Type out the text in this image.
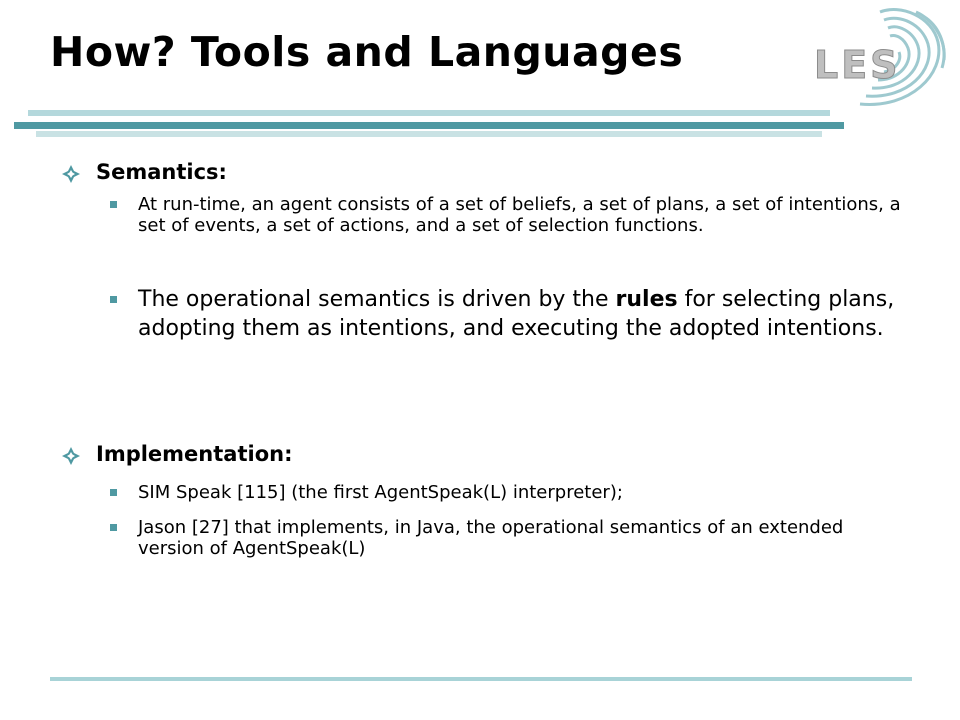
How? Tools and Languages	LES
Semantics:
At run-time, an agent consists of a set of beliefs, a set of plans, a set of intentions, a set of events, a set of actions, and a set of selection functions.
The operational semantics is driven by the rules for selecting plans, adopting them as intentions, and executing the adopted intentions.
Implementation:
SIM Speak [115] (the first AgentSpeak(L) interpreter);
Jason [27] that implements, in Java, the operational semantics of an extended version of AgentSpeak(L)
